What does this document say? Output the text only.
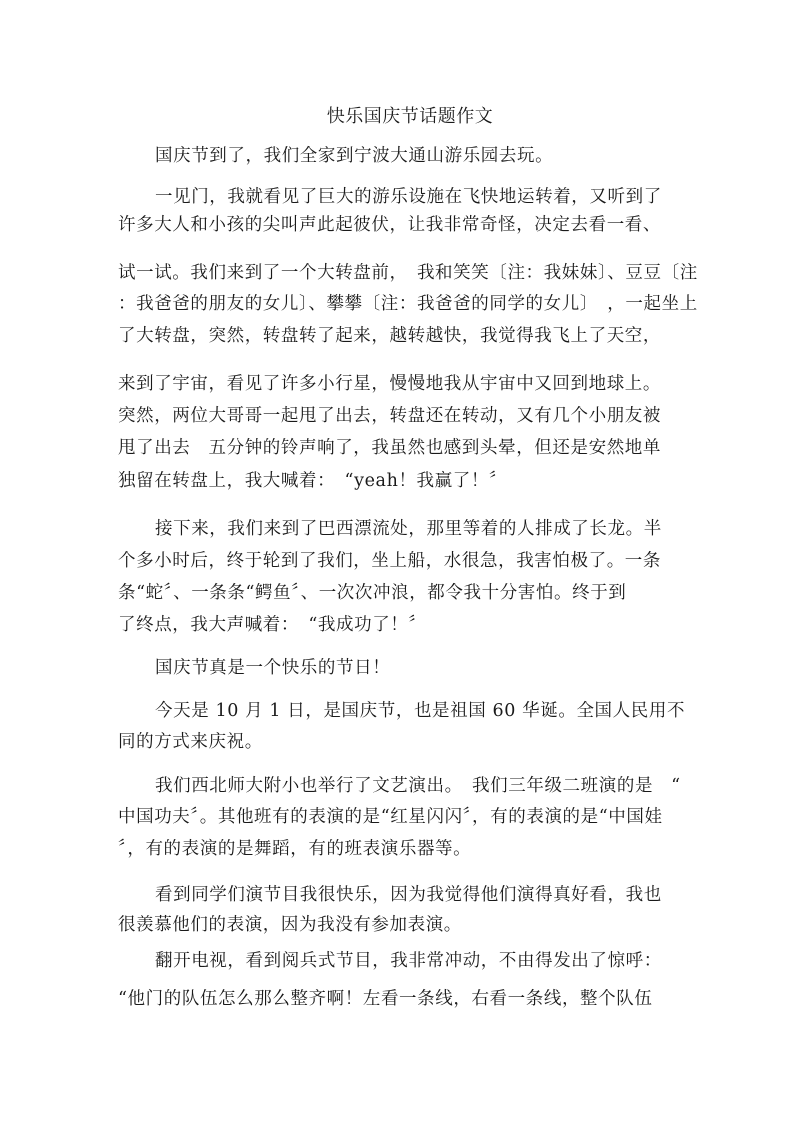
快乐国庆节话题作文
国庆节到了，我们全家到宁波大通山游乐园去玩。
一见门，我就看见了巨大的游乐设施在飞快地运转着，又听到了
许多大人和小孩的尖叫声此起彼伏，让我非常奇怪，决定去看一看、
试一试。我们来到了一个大转盘前，　我和笑笑〔注：我妹妹〕、豆豆〔注
：我爸爸的朋友的女儿〕、攀攀〔注：我爸爸的同学的女儿〕　，一起坐上
了大转盘，突然，转盘转了起来，越转越快，我觉得我飞上了天空，
来到了宇宙，看见了许多小行星，慢慢地我从宇宙中又回到地球上。
突然，两位大哥哥一起甩了出去，转盘还在转动，又有几个小朋友被
甩了出去　五分钟的铃声响了，我虽然也感到头晕，但还是安然地单
独留在转盘上，我大喊着：　“yeah！我赢了！〞
接下来，我们来到了巴西漂流处，那里等着的人排成了长龙。半
个多小时后，终于轮到了我们，坐上船，水很急，我害怕极了。一条
条“蛇〞、一条条“鳄鱼〞、一次次冲浪，都令我十分害怕。终于到
了终点，我大声喊着：　“我成功了！〞
国庆节真是一个快乐的节日！
今天是 10 月 1 日，是国庆节，也是祖国 60 华诞。全国人民用不
同的方式来庆祝。
我们西北师大附小也举行了文艺演出。　我们三年级二班演的是　“
中国功夫〞。其他班有的表演的是“红星闪闪〞，有的表演的是“中国娃
〞，有的表演的是舞蹈，有的班表演乐器等。
看到同学们演节目我很快乐，因为我觉得他们演得真好看，我也
很羡慕他们的表演，因为我没有参加表演。
翻开电视，看到阅兵式节目，我非常冲动，不由得发出了惊呼：
“他门的队伍怎么那么整齐啊！左看一条线，右看一条线，整个队伍
